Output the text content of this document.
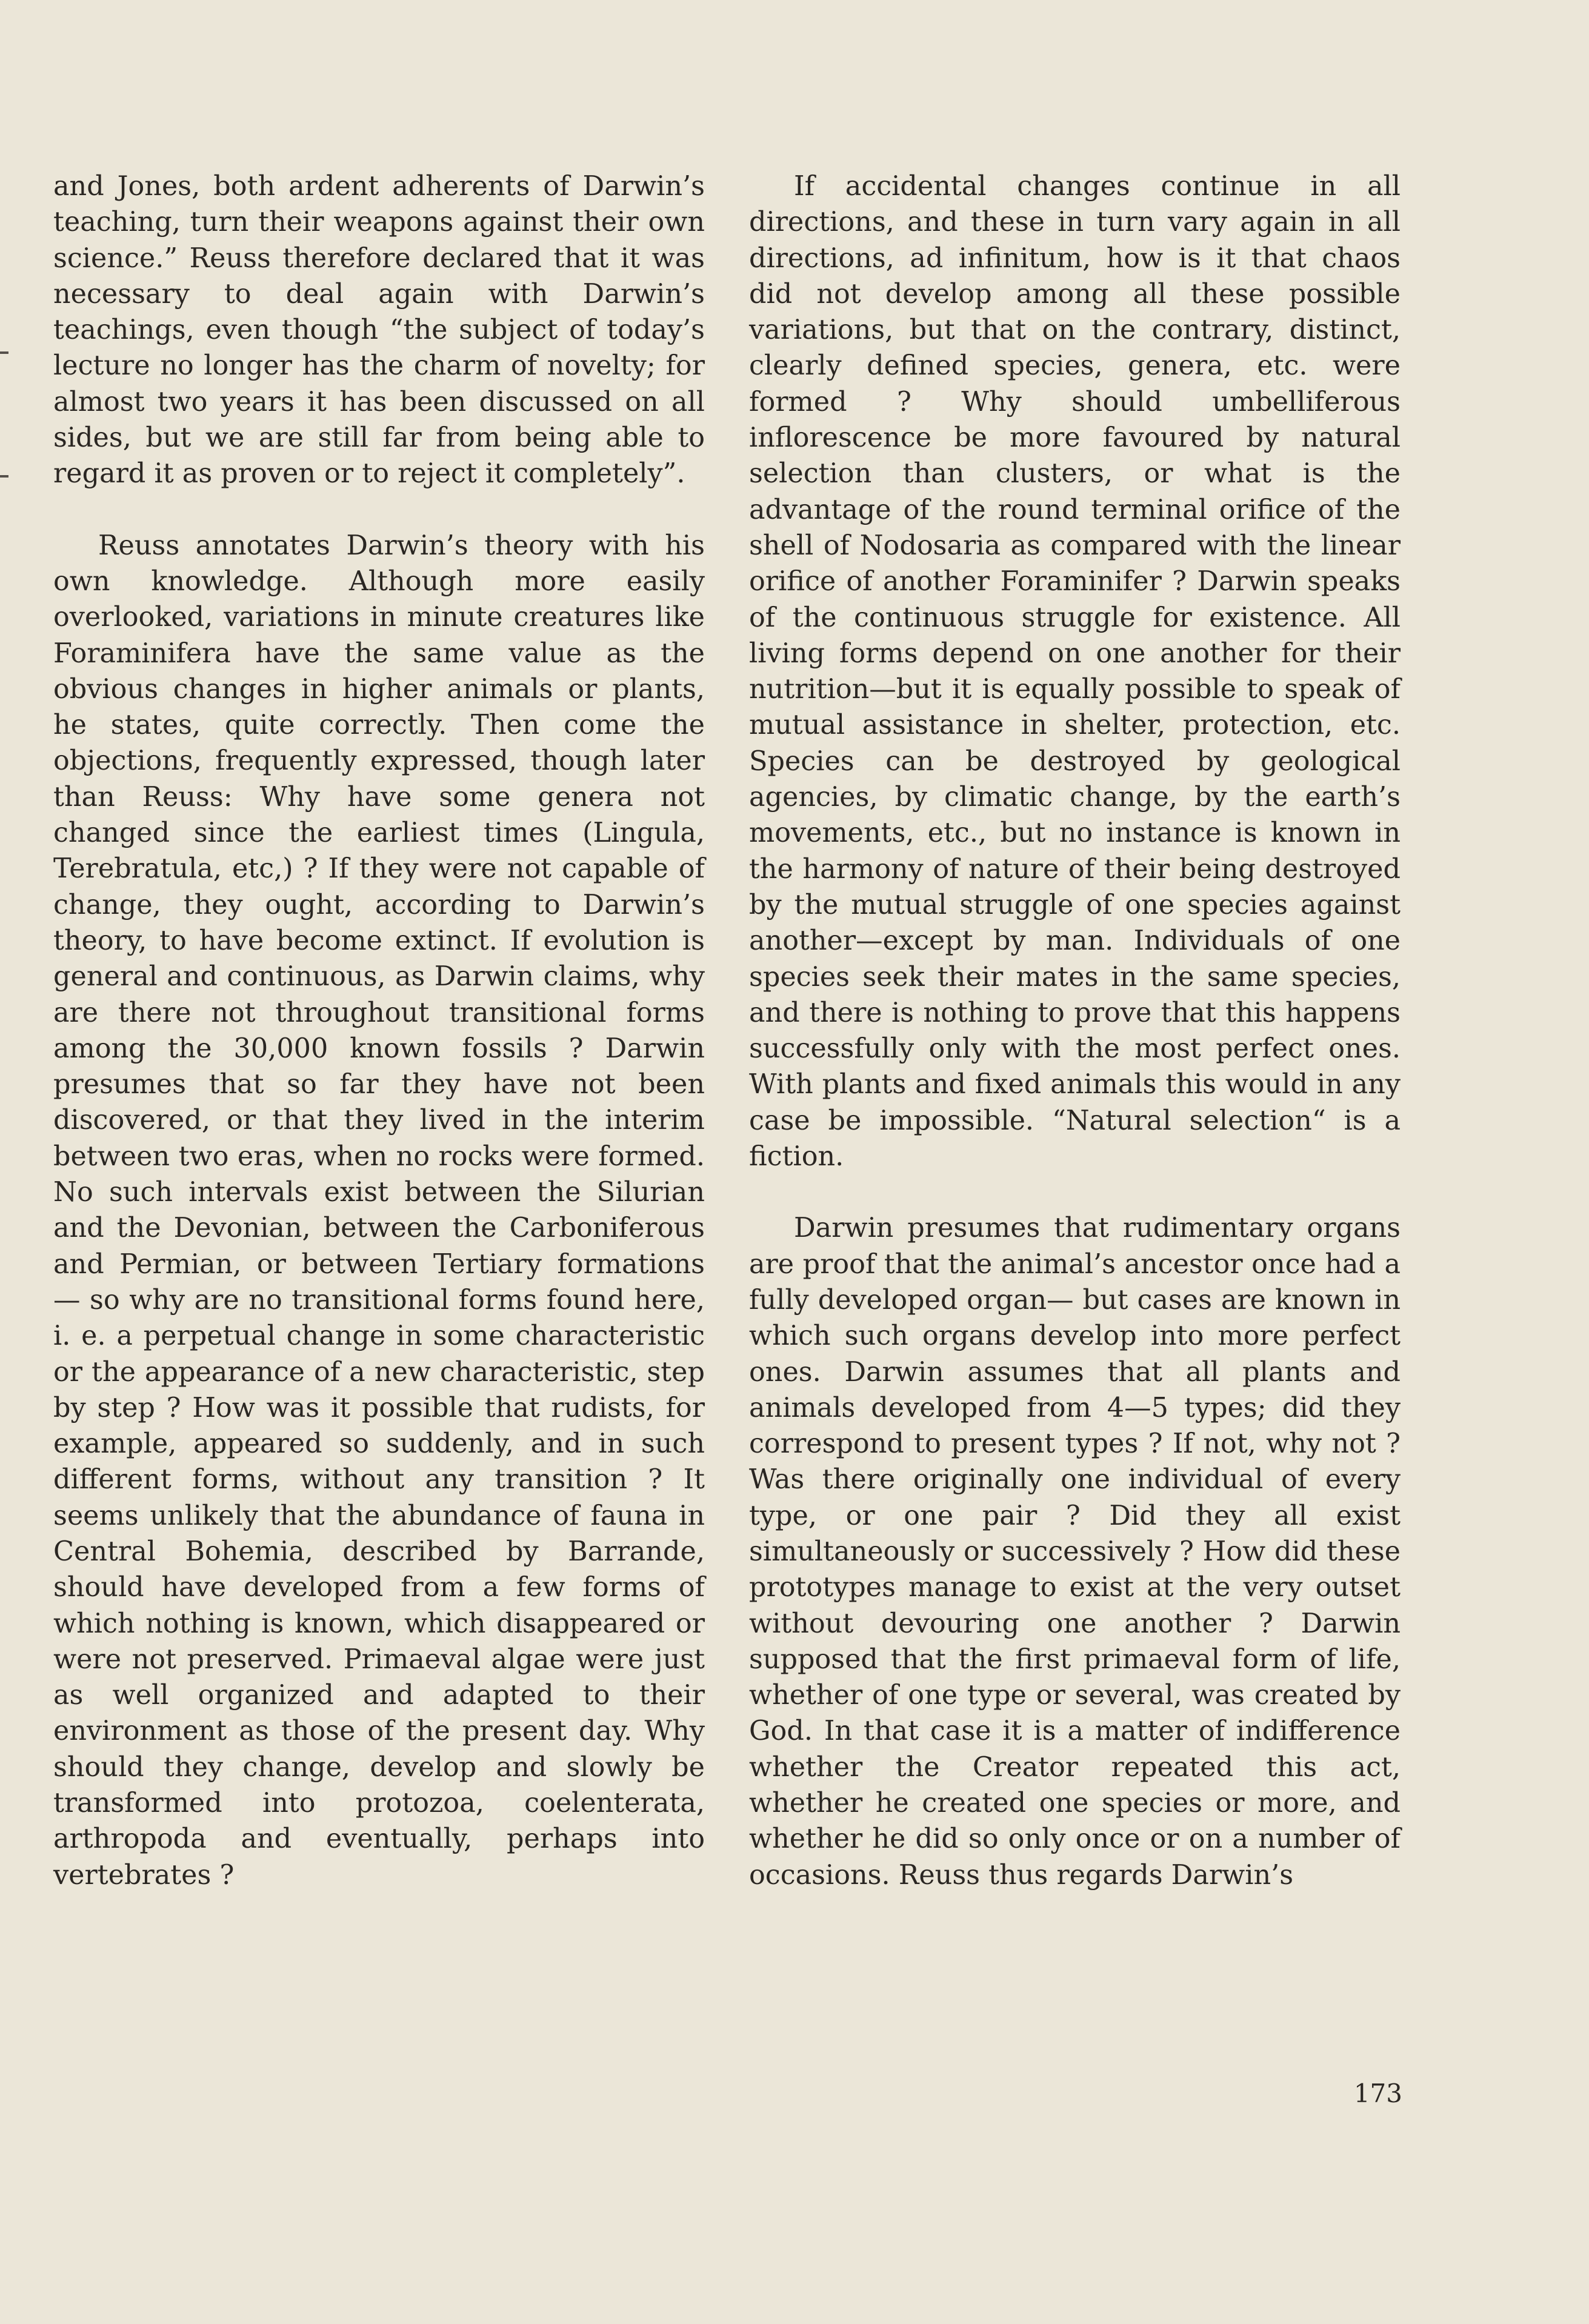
and Jones, both ardent adherents of Darwin’s teaching, turn their weapons against their own science.” Reuss therefore declared that it was necessary to deal again with Darwin’s teachings, even though “the subject of today’s lecture no longer has the charm of novelty; for almost two years it has been discussed on all sides, but we are still far from being able to regard it as proven or to reject it completely”.

Reuss annotates Darwin’s theory with his own knowledge. Although more easily overlooked, variations in minute creatures like Foraminifera have the same value as the obvious changes in higher animals or plants, he states, quite correctly. Then come the objections, frequently expressed, though later than Reuss: Why have some genera not changed since the earliest times (Lingula, Terebratula, etc,) ? If they were not capable of change, they ought, according to Darwin’s theory, to have become extinct. If evolution is general and continuous, as Darwin claims, why are there not throughout transitional forms among the 30,000 known fossils ? Darwin presumes that so far they have not been discovered, or that they lived in the interim between two eras, when no rocks were formed. No such intervals exist between the Silurian and the Devonian, between the Carboniferous and Permian, or between Tertiary formations — so why are no transitional forms found here, i. e. a perpetual change in some characteristic or the appearance of a new characteristic, step by step ? How was it possible that rudists, for example, appeared so suddenly, and in such different forms, without any transition ? It seems unlikely that the abundance of fauna in Central Bohemia, described by Barrande, should have developed from a few forms of which nothing is known, which disappeared or were not preserved. Primaeval algae were just as well organized and adapted to their environment as those of the present day. Why should they change, develop and slowly be transformed into protozoa, coelenterata, arthropoda and eventually, perhaps into vertebrates ?

If accidental changes continue in all directions, and these in turn vary again in all directions, ad infinitum, how is it that chaos did not develop among all these possible variations, but that on the contrary, distinct, clearly defined species, genera, etc. were formed ? Why should umbelliferous inflorescence be more favoured by natural selection than clusters, or what is the advantage of the round terminal orifice of the shell of Nodosaria as compared with the linear orifice of another Foraminifer ? Darwin speaks of the continuous struggle for existence. All living forms depend on one another for their nutrition—but it is equally possible to speak of mutual assistance in shelter, protection, etc. Species can be destroyed by geological agencies, by climatic change, by the earth’s movements, etc., but no instance is known in the harmony of nature of their being destroyed by the mutual struggle of one species against another—except by man. Individuals of one species seek their mates in the same species, and there is nothing to prove that this happens successfully only with the most perfect ones. With plants and fixed animals this would in any case be impossible. “Natural selection“ is a fiction.

Darwin presumes that rudimentary organs are proof that the animal’s ancestor once had a fully developed organ— but cases are known in which such organs develop into more perfect ones. Darwin assumes that all plants and animals developed from 4—5 types; did they correspond to present types ? If not, why not ? Was there originally one individual of every type, or one pair ? Did they all exist simultaneously or successively ? How did these prototypes manage to exist at the very outset without devouring one another ? Darwin supposed that the first primaeval form of life, whether of one type or several, was created by God. In that case it is a matter of indifference whether the Creator repeated this act, whether he created one species or more, and whether he did so only once or on a number of occasions. Reuss thus regards Darwin’s

173
